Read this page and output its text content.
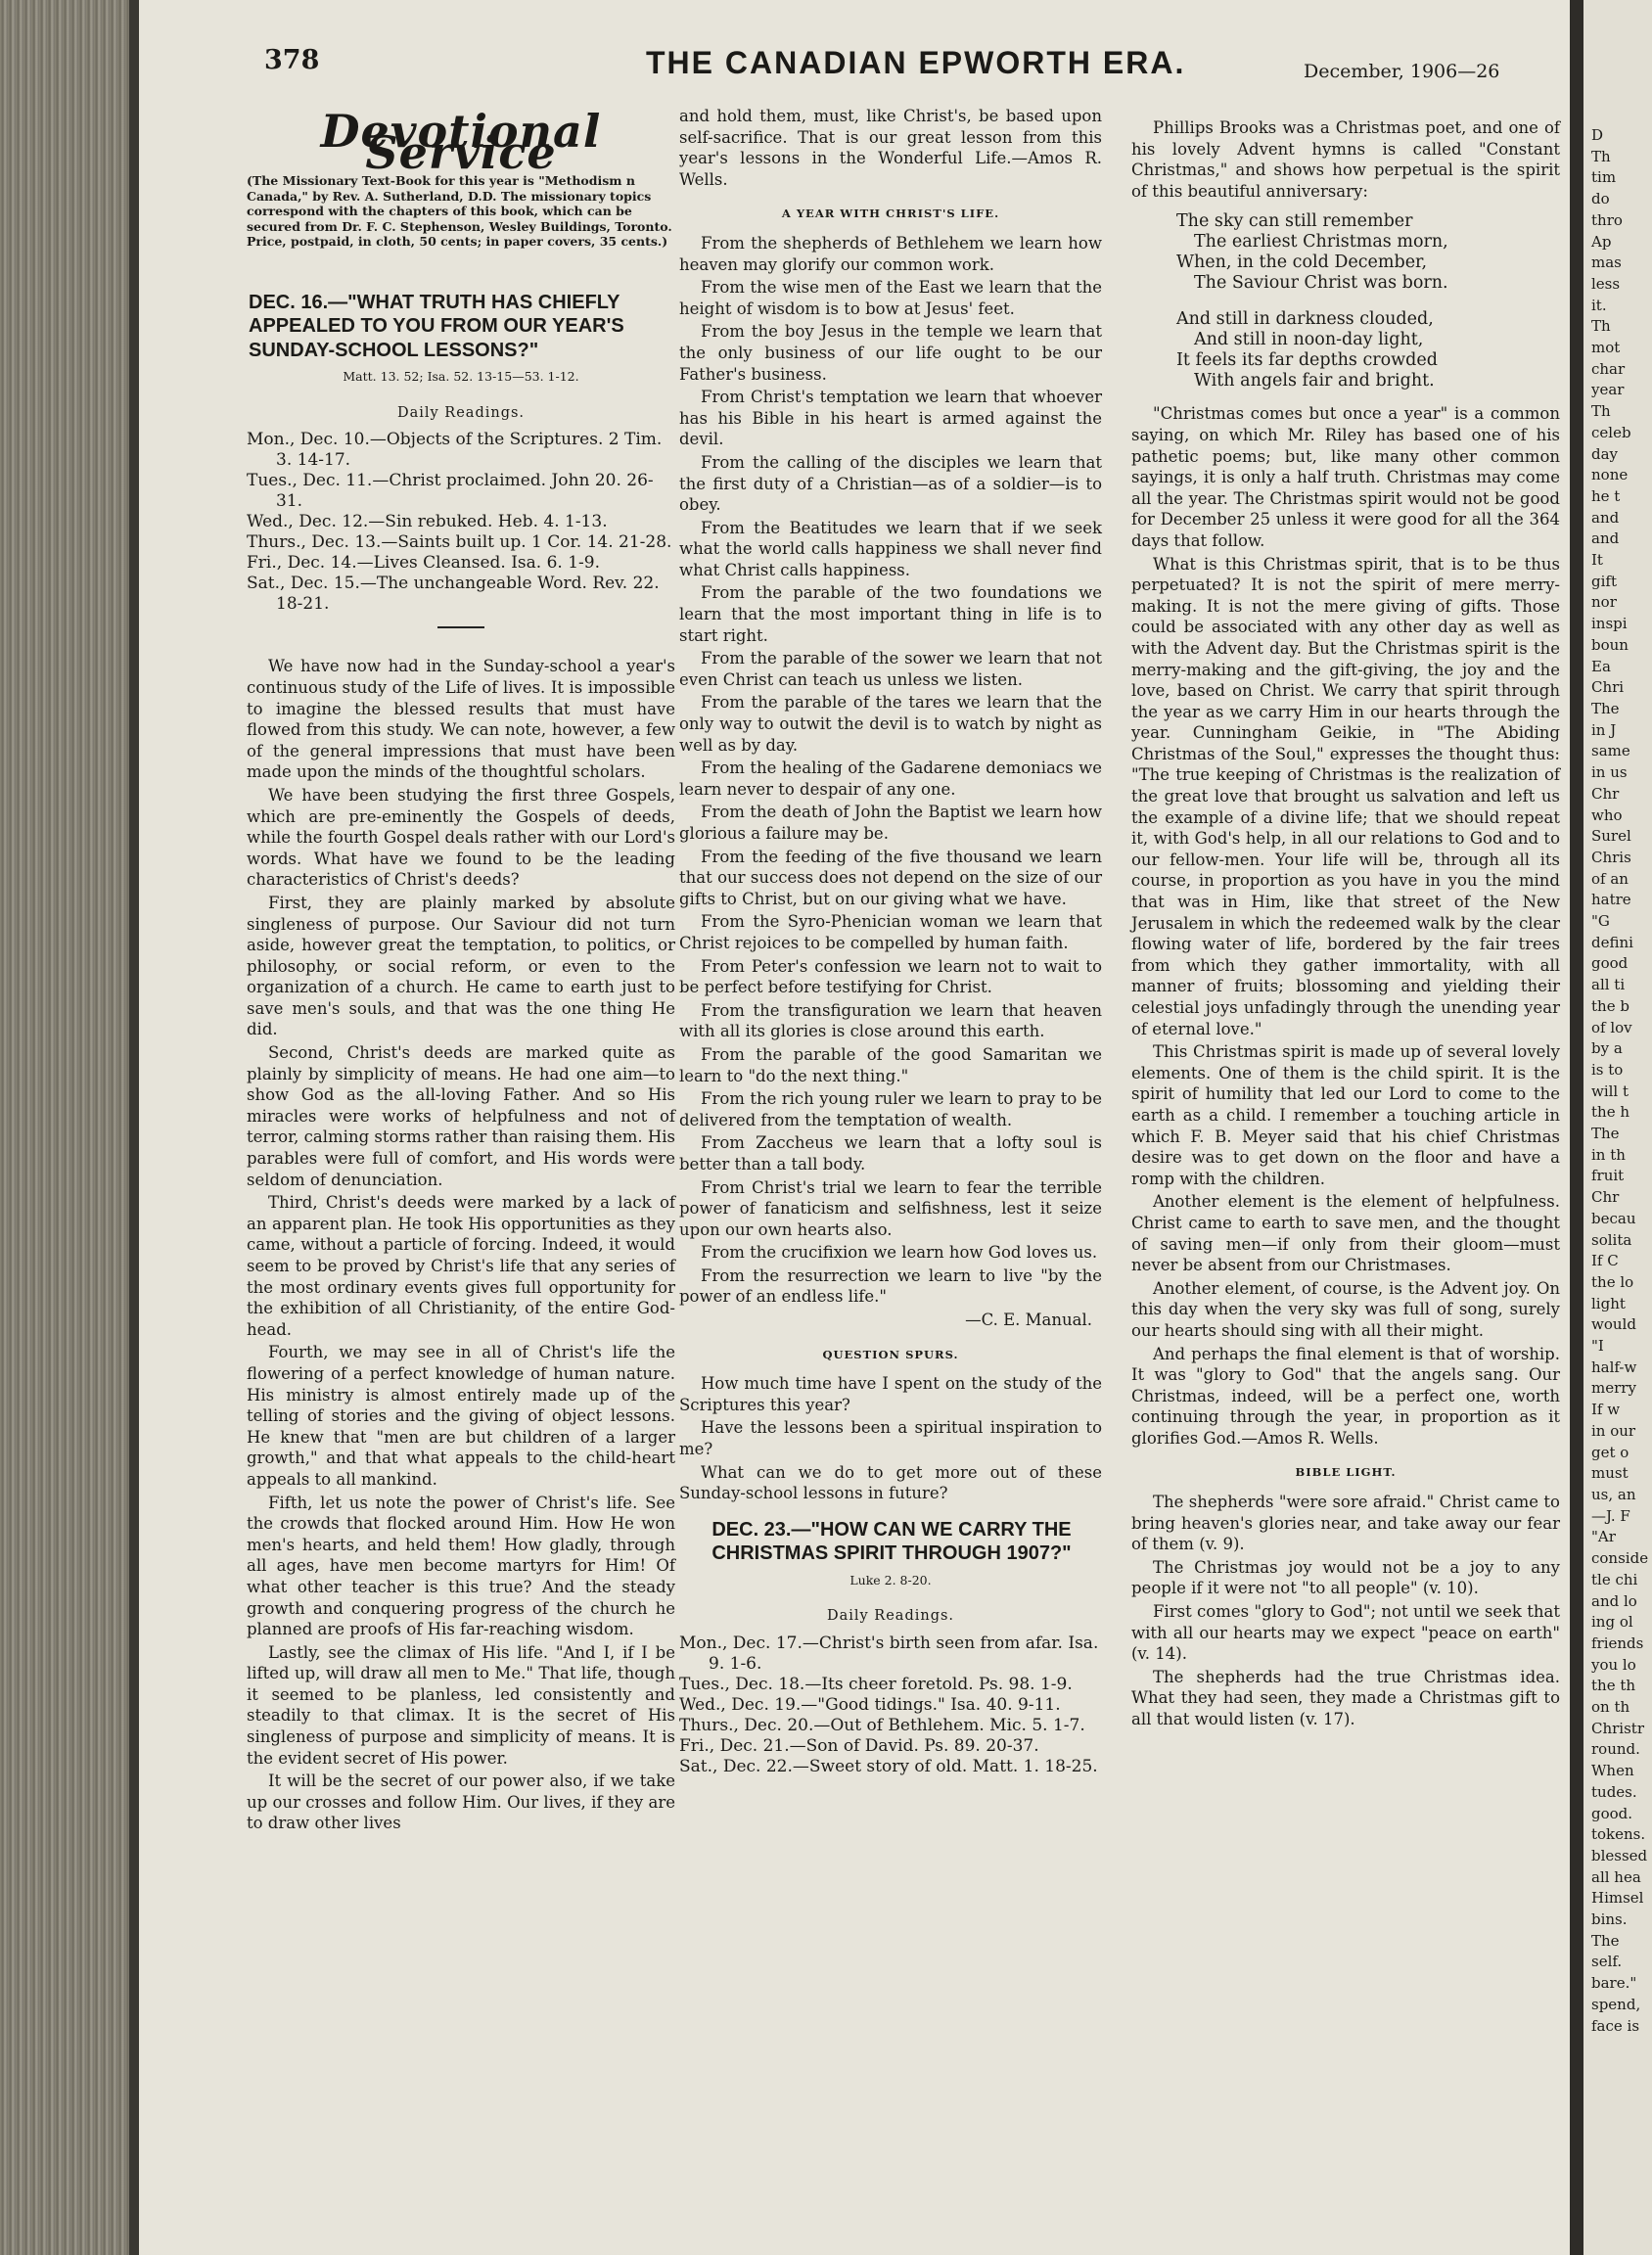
378	THE CANADIAN EPWORTH ERA.	December, 1906—26
Devotional Service
(The Missionary Text-Book for this year is "Methodism n Canada," by Rev. A. Sutherland, D.D. The missionary topics correspond with the chapters of this book, which can be secured from Dr. F. C. Stephenson, Wesley Buildings, Toronto. Price, postpaid, in cloth, 50 cents; in paper covers, 35 cents.)
DEC. 16.—"WHAT TRUTH HAS CHIEFLY APPEALED TO YOU FROM OUR YEAR'S SUNDAY-SCHOOL LESSONS?"
Matt. 13. 52; Isa. 52. 13-15—53. 1-12.
Daily Readings.
Mon., Dec. 10.—Objects of the Scriptures. 2 Tim. 3. 14-17.
Tues., Dec. 11.—Christ proclaimed. John 20. 26-31.
Wed., Dec. 12.—Sin rebuked. Heb. 4. 1-13.
Thurs., Dec. 13.—Saints built up. 1 Cor. 14. 21-28.
Fri., Dec. 14.—Lives Cleansed. Isa. 6. 1-9.
Sat., Dec. 15.—The unchangeable Word. Rev. 22. 18-21.
We have now had in the Sunday-school a year's continuous study of the Life of lives. It is impossible to imagine the blessed results that must have flowed from this study. We can note, however, a few of the general impressions that must have been made upon the minds of the thoughtful scholars.
We have been studying the first three Gospels, which are pre-eminently the Gospels of deeds, while the fourth Gospel deals rather with our Lord's words. What have we found to be the leading characteristics of Christ's deeds?
First, they are plainly marked by absolute singleness of purpose. Our Saviour did not turn aside, however great the temptation, to politics, or philosophy, or social reform, or even to the organization of a church. He came to earth just to save men's souls, and that was the one thing He did.
Second, Christ's deeds are marked quite as plainly by simplicity of means. He had one aim—to show God as the all-loving Father. And so His miracles were works of helpfulness and not of terror, calming storms rather than raising them. His parables were full of comfort, and His words were seldom of denunciation.
Third, Christ's deeds were marked by a lack of an apparent plan. He took His opportunities as they came, without a particle of forcing. Indeed, it would seem to be proved by Christ's life that any series of the most ordinary events gives full opportunity for the exhibition of all Christianity, of the entire God-head.
Fourth, we may see in all of Christ's life the flowering of a perfect knowledge of human nature. His ministry is almost entirely made up of the telling of stories and the giving of object lessons. He knew that "men are but children of a larger growth," and that what appeals to the child-heart appeals to all mankind.
Fifth, let us note the power of Christ's life. See the crowds that flocked around Him. How He won men's hearts, and held them! How gladly, through all ages, have men become martyrs for Him! Of what other teacher is this true? And the steady growth and conquering progress of the church he planned are proofs of His far-reaching wisdom.
Lastly, see the climax of His life. "And I, if I be lifted up, will draw all men to Me." That life, though it seemed to be planless, led consistently and steadily to that climax. It is the secret of His singleness of purpose and simplicity of means. It is the evident secret of His power.
It will be the secret of our power also, if we take up our crosses and follow Him. Our lives, if they are to draw other lives
and hold them, must, like Christ's, be based upon self-sacrifice. That is our great lesson from this year's lessons in the Wonderful Life.—Amos R. Wells.
A YEAR WITH CHRIST'S LIFE.
From the shepherds of Bethlehem we learn how heaven may glorify our common work.
From the wise men of the East we learn that the height of wisdom is to bow at Jesus' feet.
From the boy Jesus in the temple we learn that the only business of our life ought to be our Father's business.
From Christ's temptation we learn that whoever has his Bible in his heart is armed against the devil.
From the calling of the disciples we learn that the first duty of a Christian—as of a soldier—is to obey.
From the Beatitudes we learn that if we seek what the world calls happiness we shall never find what Christ calls happiness.
From the parable of the two foundations we learn that the most important thing in life is to start right.
From the parable of the sower we learn that not even Christ can teach us unless we listen.
From the parable of the tares we learn that the only way to outwit the devil is to watch by night as well as by day.
From the healing of the Gadarene demoniacs we learn never to despair of any one.
From the death of John the Baptist we learn how glorious a failure may be.
From the feeding of the five thousand we learn that our success does not depend on the size of our gifts to Christ, but on our giving what we have.
From the Syro-Phenician woman we learn that Christ rejoices to be compelled by human faith.
From Peter's confession we learn not to wait to be perfect before testifying for Christ.
From the transfiguration we learn that heaven with all its glories is close around this earth.
From the parable of the good Samaritan we learn to "do the next thing."
From the rich young ruler we learn to pray to be delivered from the temptation of wealth.
From Zaccheus we learn that a lofty soul is better than a tall body.
From Christ's trial we learn to fear the terrible power of fanaticism and selfishness, lest it seize upon our own hearts also.
From the crucifixion we learn how God loves us.
From the resurrection we learn to live "by the power of an endless life."
—C. E. Manual.
QUESTION SPURS.
How much time have I spent on the study of the Scriptures this year?
Have the lessons been a spiritual inspiration to me?
What can we do to get more out of these Sunday-school lessons in future?
DEC. 23.—"HOW CAN WE CARRY THE CHRISTMAS SPIRIT THROUGH 1907?"
Luke 2. 8-20.
Daily Readings.
Mon., Dec. 17.—Christ's birth seen from afar. Isa. 9. 1-6.
Tues., Dec. 18.—Its cheer foretold. Ps. 98. 1-9.
Wed., Dec. 19.—"Good tidings." Isa. 40. 9-11.
Thurs., Dec. 20.—Out of Bethlehem. Mic. 5. 1-7.
Fri., Dec. 21.—Son of David. Ps. 89. 20-37.
Sat., Dec. 22.—Sweet story of old. Matt. 1. 18-25.
Phillips Brooks was a Christmas poet, and one of his lovely Advent hymns is called "Constant Christmas," and shows how perpetual is the spirit of this beautiful anniversary:
The sky can still remember
The earliest Christmas morn,
When, in the cold December,
The Saviour Christ was born.
And still in darkness clouded,
And still in noon-day light,
It feels its far depths crowded
With angels fair and bright.
"Christmas comes but once a year" is a common saying, on which Mr. Riley has based one of his pathetic poems; but, like many other common sayings, it is only a half truth. Christmas may come all the year. The Christmas spirit would not be good for December 25 unless it were good for all the 364 days that follow.
What is this Christmas spirit, that is to be thus perpetuated? It is not the spirit of mere merry-making. It is not the mere giving of gifts. Those could be associated with any other day as well as with the Advent day. But the Christmas spirit is the merry-making and the gift-giving, the joy and the love, based on Christ. We carry that spirit through the year as we carry Him in our hearts through the year. Cunningham Geikie, in "The Abiding Christmas of the Soul," expresses the thought thus: "The true keeping of Christmas is the realization of the great love that brought us salvation and left us the example of a divine life; that we should repeat it, with God's help, in all our relations to God and to our fellow-men. Your life will be, through all its course, in proportion as you have in you the mind that was in Him, like that street of the New Jerusalem in which the redeemed walk by the clear flowing water of life, bordered by the fair trees from which they gather immortality, with all manner of fruits; blossoming and yielding their celestial joys unfadingly through the unending year of eternal love."
This Christmas spirit is made up of several lovely elements. One of them is the child spirit. It is the spirit of humility that led our Lord to come to the earth as a child. I remember a touching article in which F. B. Meyer said that his chief Christmas desire was to get down on the floor and have a romp with the children.
Another element is the element of helpfulness. Christ came to earth to save men, and the thought of saving men—if only from their gloom—must never be absent from our Christmases.
Another element, of course, is the Advent joy. On this day when the very sky was full of song, surely our hearts should sing with all their might.
And perhaps the final element is that of worship. It was "glory to God" that the angels sang. Our Christmas, indeed, will be a perfect one, worth continuing through the year, in proportion as it glorifies God.—Amos R. Wells.
BIBLE LIGHT.
The shepherds "were sore afraid." Christ came to bring heaven's glories near, and take away our fear of them (v. 9).
The Christmas joy would not be a joy to any people if it were not "to all people" (v. 10).
First comes "glory to God"; not until we seek that with all our hearts may we expect "peace on earth" (v. 14).
The shepherds had the true Christmas idea. What they had seen, they made a Christmas gift to all that would listen (v. 17).
D
Th
tim
do
thro
Ap
mas
less
it.
Th
mot
char
year
Th
celeb
day
none
he t
and
and
It
gift
nor
inspi
boun
Ea
Chri
The
in J
same
in us
Chr
who
Surel
Chris
of an
hatre
"G
defini
good
all ti
the b
of lov
by a
is to
will t
the h
The
in th
fruit
Chr
becau
solita
If C
the lo
light
would
"I
half-w
merry
If w
in our
get o
must
us, an
—J. F
"Ar
conside
tle chi
and lo
ing ol
friends
you lo
the th
on th
Christr
round.
When
tudes.
good.
tokens.
blessed
all hea
Himsel
bins.
The
self.
bare."
spend,
face is
